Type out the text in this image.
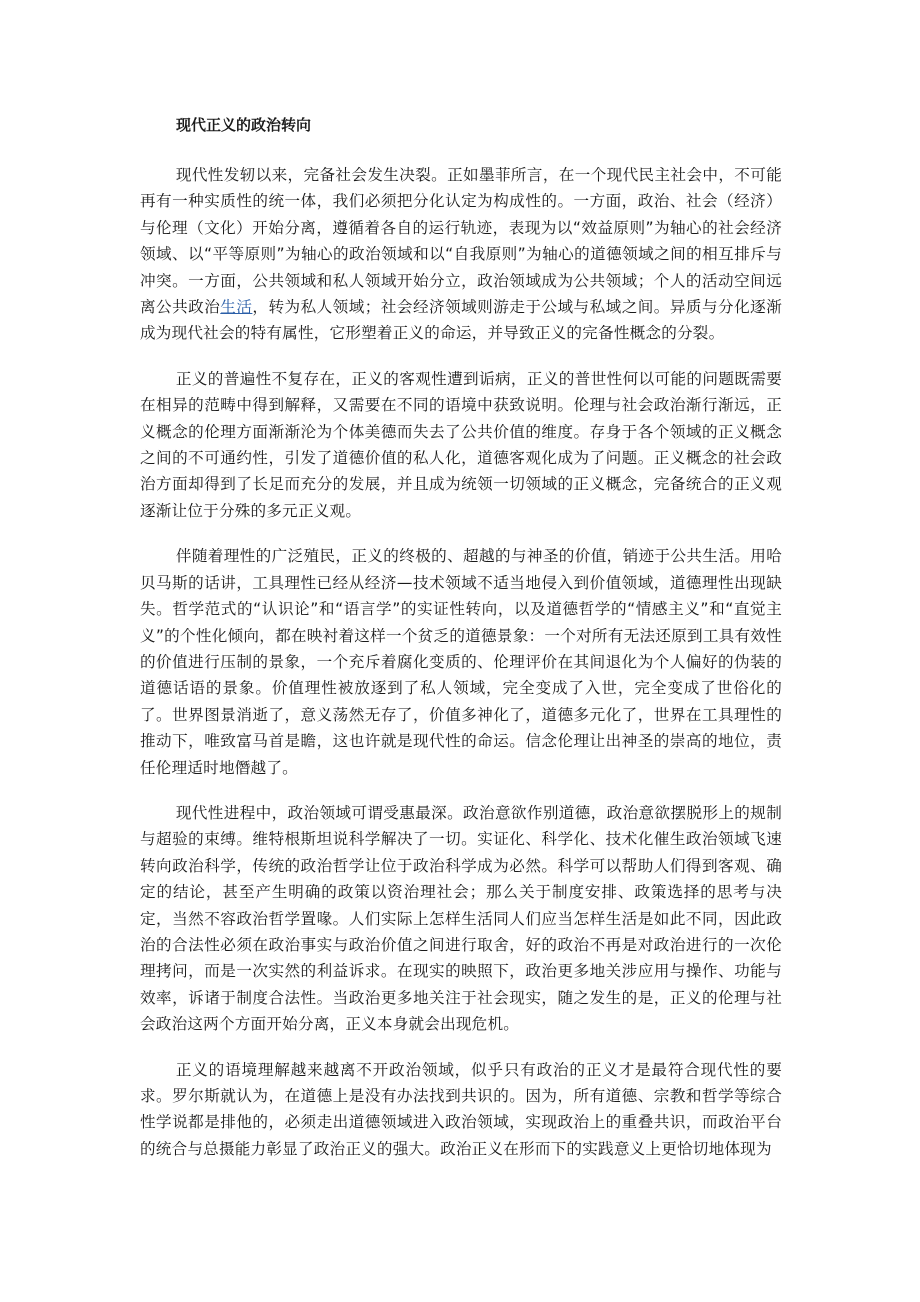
现代正义的政治转向

现代性发轫以来，完备社会发生决裂。正如墨菲所言，在一个现代民主社会中，不可能再有一种实质性的统一体，我们必须把分化认定为构成性的。一方面，政治、社会（经济）与伦理（文化）开始分离，遵循着各自的运行轨迹，表现为以“效益原则”为轴心的社会经济领域、以“平等原则”为轴心的政治领域和以“自我原则”为轴心的道德领域之间的相互排斥与冲突。一方面，公共领域和私人领域开始分立，政治领域成为公共领域；个人的活动空间远离公共政治生活，转为私人领域；社会经济领域则游走于公域与私域之间。异质与分化逐渐成为现代社会的特有属性，它形塑着正义的命运，并导致正义的完备性概念的分裂。

正义的普遍性不复存在，正义的客观性遭到诟病，正义的普世性何以可能的问题既需要在相异的范畴中得到解释，又需要在不同的语境中获致说明。伦理与社会政治渐行渐远，正义概念的伦理方面渐渐沦为个体美德而失去了公共价值的维度。存身于各个领域的正义概念之间的不可通约性，引发了道德价值的私人化，道德客观化成为了问题。正义概念的社会政治方面却得到了长足而充分的发展，并且成为统领一切领域的正义概念，完备统合的正义观逐渐让位于分殊的多元正义观。

伴随着理性的广泛殖民，正义的终极的、超越的与神圣的价值，销迹于公共生活。用哈贝马斯的话讲，工具理性已经从经济—技术领域不适当地侵入到价值领域，道德理性出现缺失。哲学范式的“认识论”和“语言学”的实证性转向，以及道德哲学的“情感主义”和“直觉主义”的个性化倾向，都在映衬着这样一个贫乏的道德景象：一个对所有无法还原到工具有效性的价值进行压制的景象，一个充斥着腐化变质的、伦理评价在其间退化为个人偏好的伪装的道德话语的景象。价值理性被放逐到了私人领域，完全变成了入世，完全变成了世俗化的了。世界图景消逝了，意义荡然无存了，价值多神化了，道德多元化了，世界在工具理性的推动下，唯致富马首是瞻，这也许就是现代性的命运。信念伦理让出神圣的崇高的地位，责任伦理适时地僭越了。

现代性进程中，政治领域可谓受惠最深。政治意欲作别道德，政治意欲摆脱形上的规制与超验的束缚。维特根斯坦说科学解决了一切。实证化、科学化、技术化催生政治领域飞速转向政治科学，传统的政治哲学让位于政治科学成为必然。科学可以帮助人们得到客观、确定的结论，甚至产生明确的政策以资治理社会；那么关于制度安排、政策选择的思考与决定，当然不容政治哲学置喙。人们实际上怎样生活同人们应当怎样生活是如此不同，因此政治的合法性必须在政治事实与政治价值之间进行取舍，好的政治不再是对政治进行的一次伦理拷问，而是一次实然的利益诉求。在现实的映照下，政治更多地关涉应用与操作、功能与效率，诉诸于制度合法性。当政治更多地关注于社会现实，随之发生的是，正义的伦理与社会政治这两个方面开始分离，正义本身就会出现危机。

正义的语境理解越来越离不开政治领域，似乎只有政治的正义才是最符合现代性的要求。罗尔斯就认为，在道德上是没有办法找到共识的。因为，所有道德、宗教和哲学等综合性学说都是排他的，必须走出道德领域进入政治领域，实现政治上的重叠共识，而政治平台的统合与总摄能力彰显了政治正义的强大。政治正义在形而下的实践意义上更恰切地体现为
